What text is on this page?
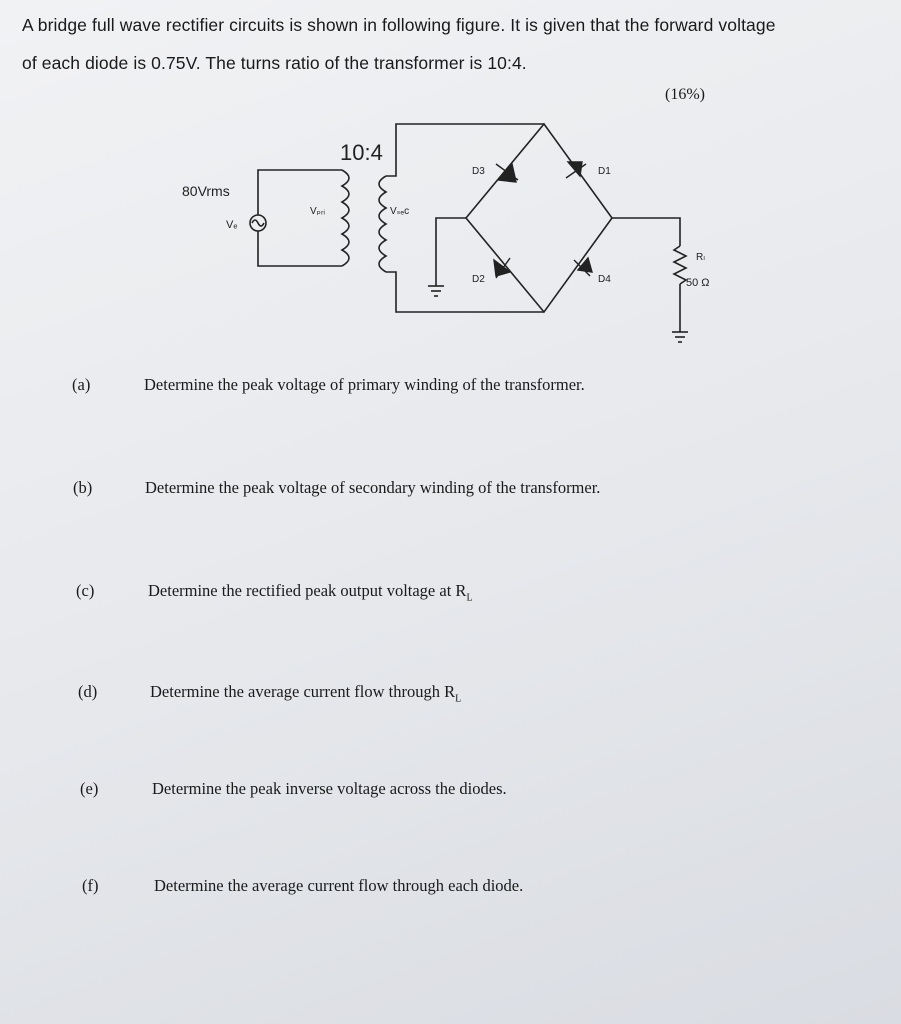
A bridge full wave rectifier circuits is shown in following figure. It is given that the forward voltage
of each diode is 0.75V. The turns ratio of the transformer is 10:4.
(16%)
10:4
80Vrms
Vₑ
Vₚᵣᵢ	Vₛₑc
D3	D1
D2	D4
Rₗ
50 Ω
(a)	Determine the peak voltage of primary winding of the transformer.
(b)	Determine the peak voltage of secondary winding of the transformer.
(c)	Determine the rectified peak output voltage at $R_L$
(d)	Determine the average current flow through $R_L$
(e)	Determine the peak inverse voltage across the diodes.
(f)	Determine the average current flow through each diode.
